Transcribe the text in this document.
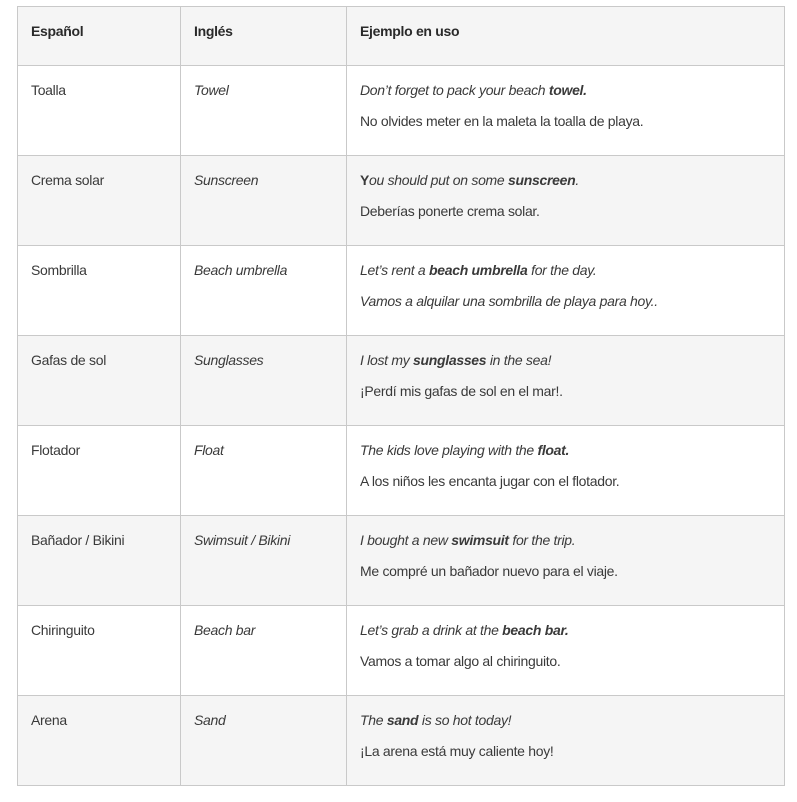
Español	Inglés	Ejemplo en uso
Toalla	Towel	Don’t forget to pack your beach towel.

No olvides meter en la maleta la toalla de playa.

Crema solar	Sunscreen	You should put on some sunscreen.

Deberías ponerte crema solar.

Sombrilla	Beach umbrella	Let’s rent a beach umbrella for the day.

Vamos a alquilar una sombrilla de playa para hoy..

Gafas de sol	Sunglasses	I lost my sunglasses in the sea!

¡Perdí mis gafas de sol en el mar!.

Flotador	Float	The kids love playing with the float.

A los niños les encanta jugar con el flotador.

Bañador / Bikini	Swimsuit / Bikini	I bought a new swimsuit for the trip.

Me compré un bañador nuevo para el viaje.

Chiringuito	Beach bar	Let’s grab a drink at the beach bar.

Vamos a tomar algo al chiringuito.

Arena	Sand	The sand is so hot today!

¡La arena está muy caliente hoy!
